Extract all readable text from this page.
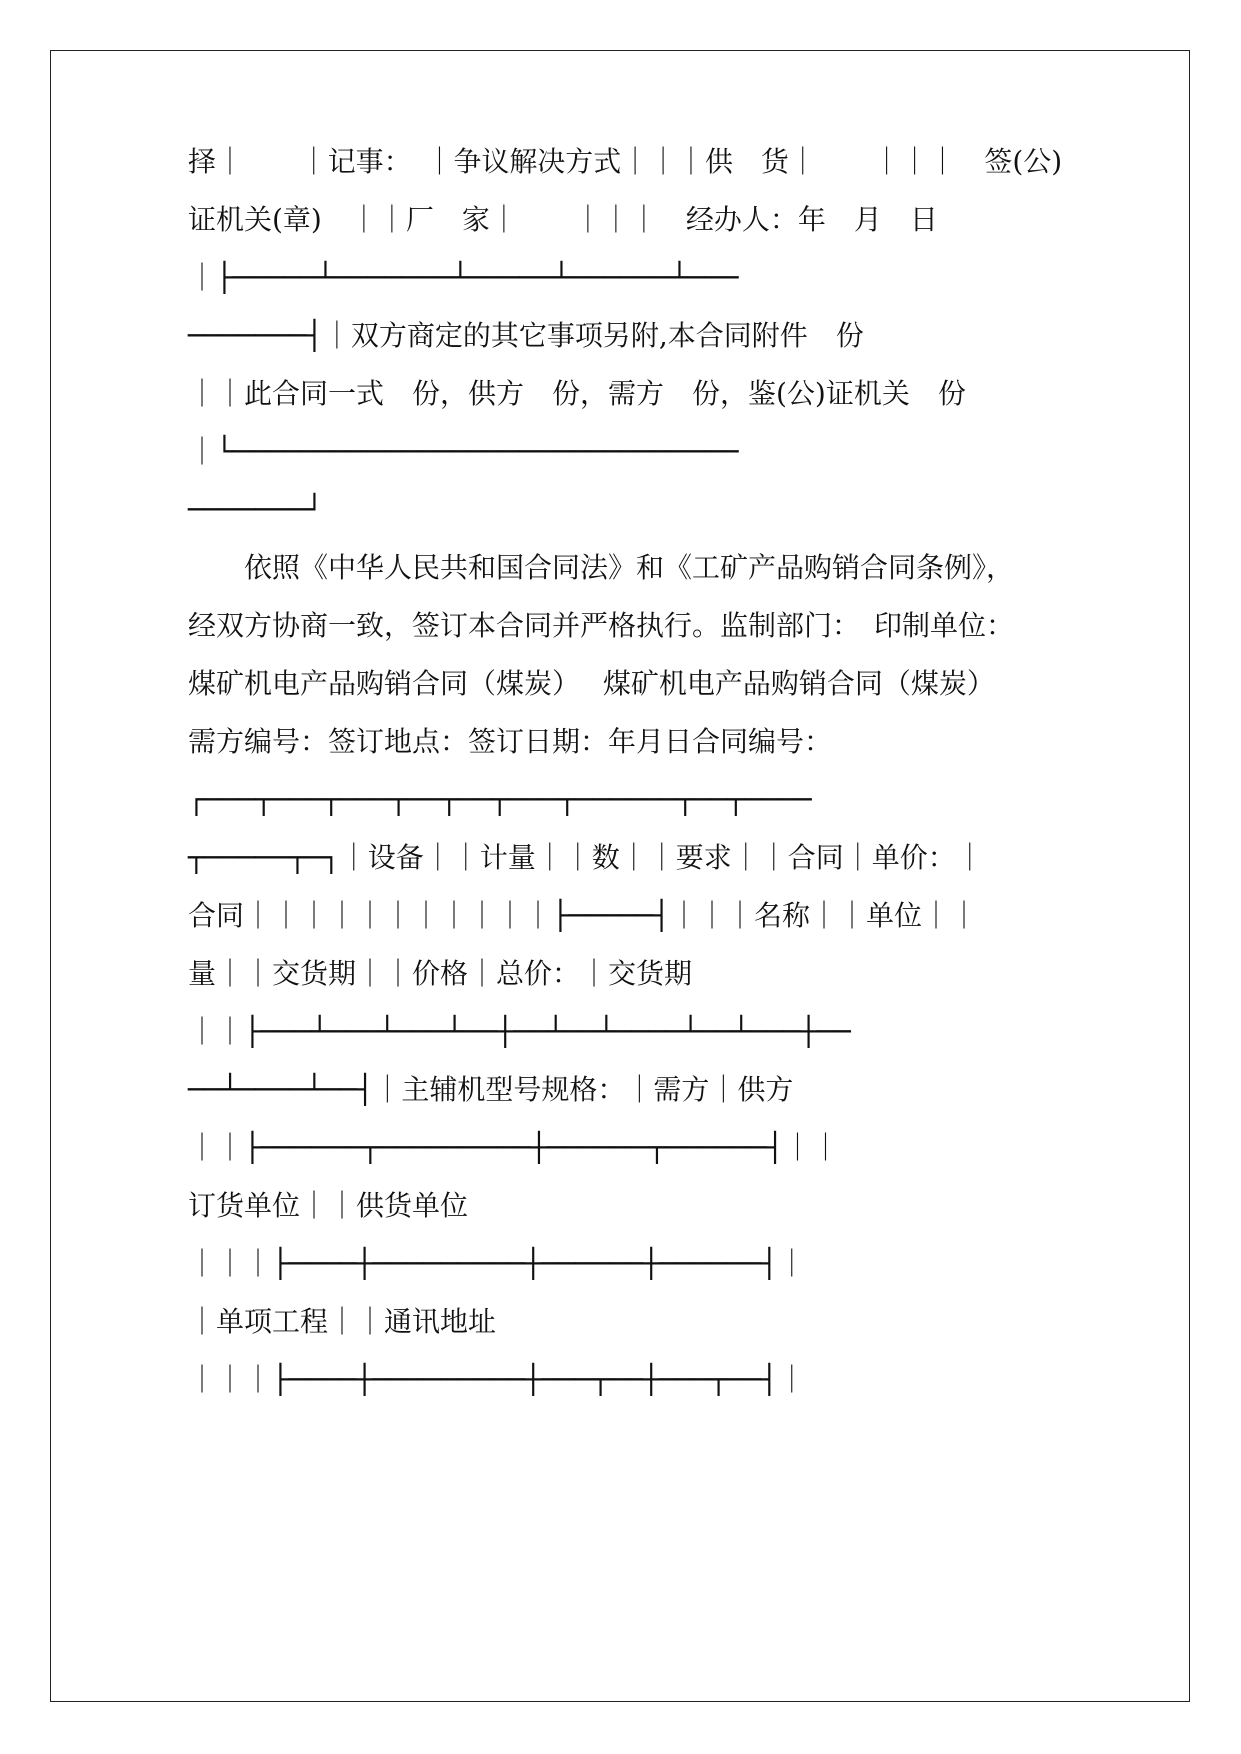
择｜　　｜记事：　｜争议解决方式｜｜｜供　货｜　　｜｜｜　签(公)
证机关(章)　｜｜厂　家｜　　｜｜｜　经办人：年　月　日
｜├─────┴───────┴─────┴──────┴───
───────┤｜双方商定的其它事项另附,本合同附件　份
｜｜此合同一式　份，供方　份，需方　份，鉴(公)证机关　份
｜└──────────────────────────────
───────┘
依照《中华人民共和国合同法》和《工矿产品购销合同条例》，
经双方协商一致，签订本合同并严格执行。监制部门：　印制单位：
煤矿机电产品购销合同（煤炭）　 煤矿机电产品购销合同（煤炭）
需方编号：签订地点：签订日期：年月日合同编号：
┌───┬───┬───┬──┬──┬───┬──────┬──┬────
┬─────┬─┐｜设备｜｜计量｜｜数｜｜要求｜｜合同｜单价：｜
合同｜｜｜｜｜｜｜｜｜｜｜├─────┤｜｜｜名称｜｜单位｜｜
量｜｜交货期｜｜价格｜总价：｜交货期
｜｜├───┴───┴───┴──┼──┴──┴────┴──┴───┼──
──┴────┴──┤｜主辅机型号规格：｜需方｜供方
｜｜├──────┬─────────┼──────┬──────┤｜｜
订货单位｜｜供货单位
｜｜｜├────┼─────────┼──────┼──────┤｜
｜单项工程｜｜通讯地址
｜｜｜├────┼─────────┼───┬──┼───┬──┤｜
